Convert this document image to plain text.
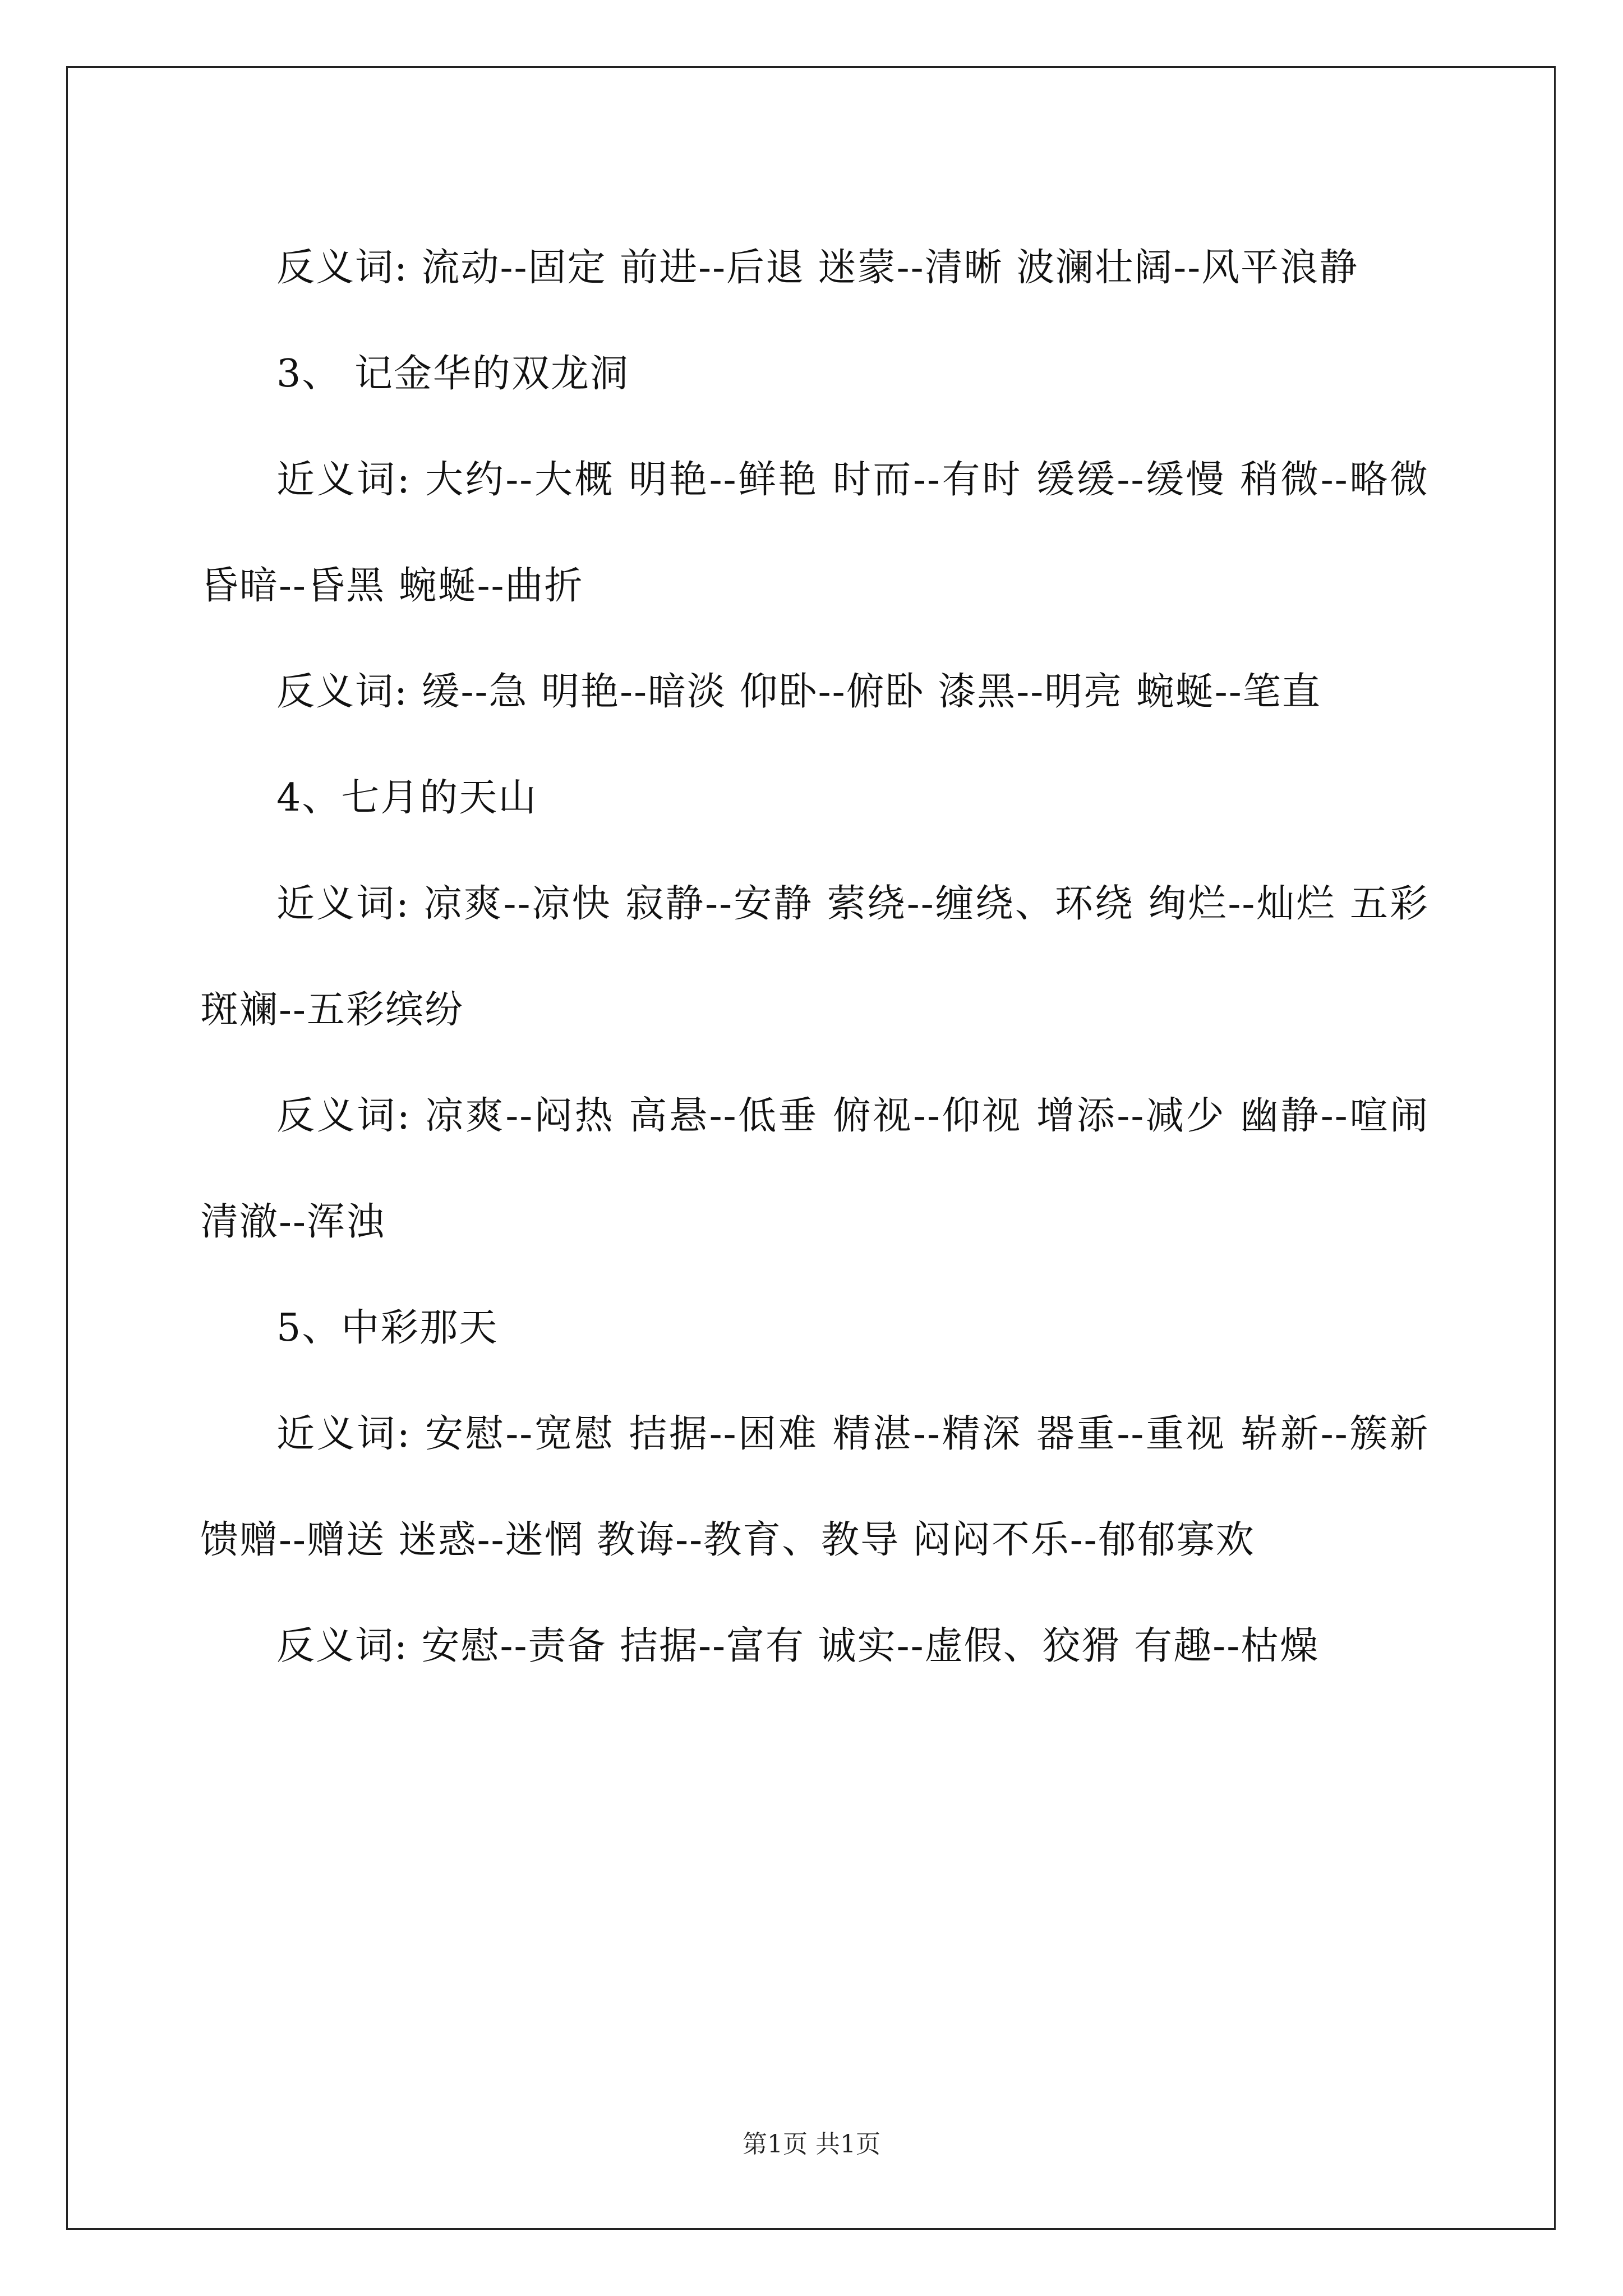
反义词: 流动--固定 前进--后退 迷蒙--清晰 波澜壮阔--风平浪静

3、 记金华的双龙洞

近义词: 大约--大概 明艳--鲜艳 时而--有时 缓缓--缓慢 稍微--略微 昏暗--昏黑 蜿蜒--曲折

反义词: 缓--急 明艳--暗淡 仰卧--俯卧 漆黑--明亮 蜿蜒--笔直

4、七月的天山

近义词: 凉爽--凉快 寂静--安静 萦绕--缠绕、环绕 绚烂--灿烂 五彩斑斓--五彩缤纷

反义词: 凉爽--闷热 高悬--低垂 俯视--仰视 增添--减少 幽静--喧闹 清澈--浑浊

5、中彩那天

近义词: 安慰--宽慰 拮据--困难 精湛--精深 器重--重视 崭新--簇新 馈赠--赠送 迷惑--迷惘 教诲--教育、教导 闷闷不乐--郁郁寡欢

反义词: 安慰--责备 拮据--富有 诚实--虚假、狡猾 有趣--枯燥

第1页 共1页
